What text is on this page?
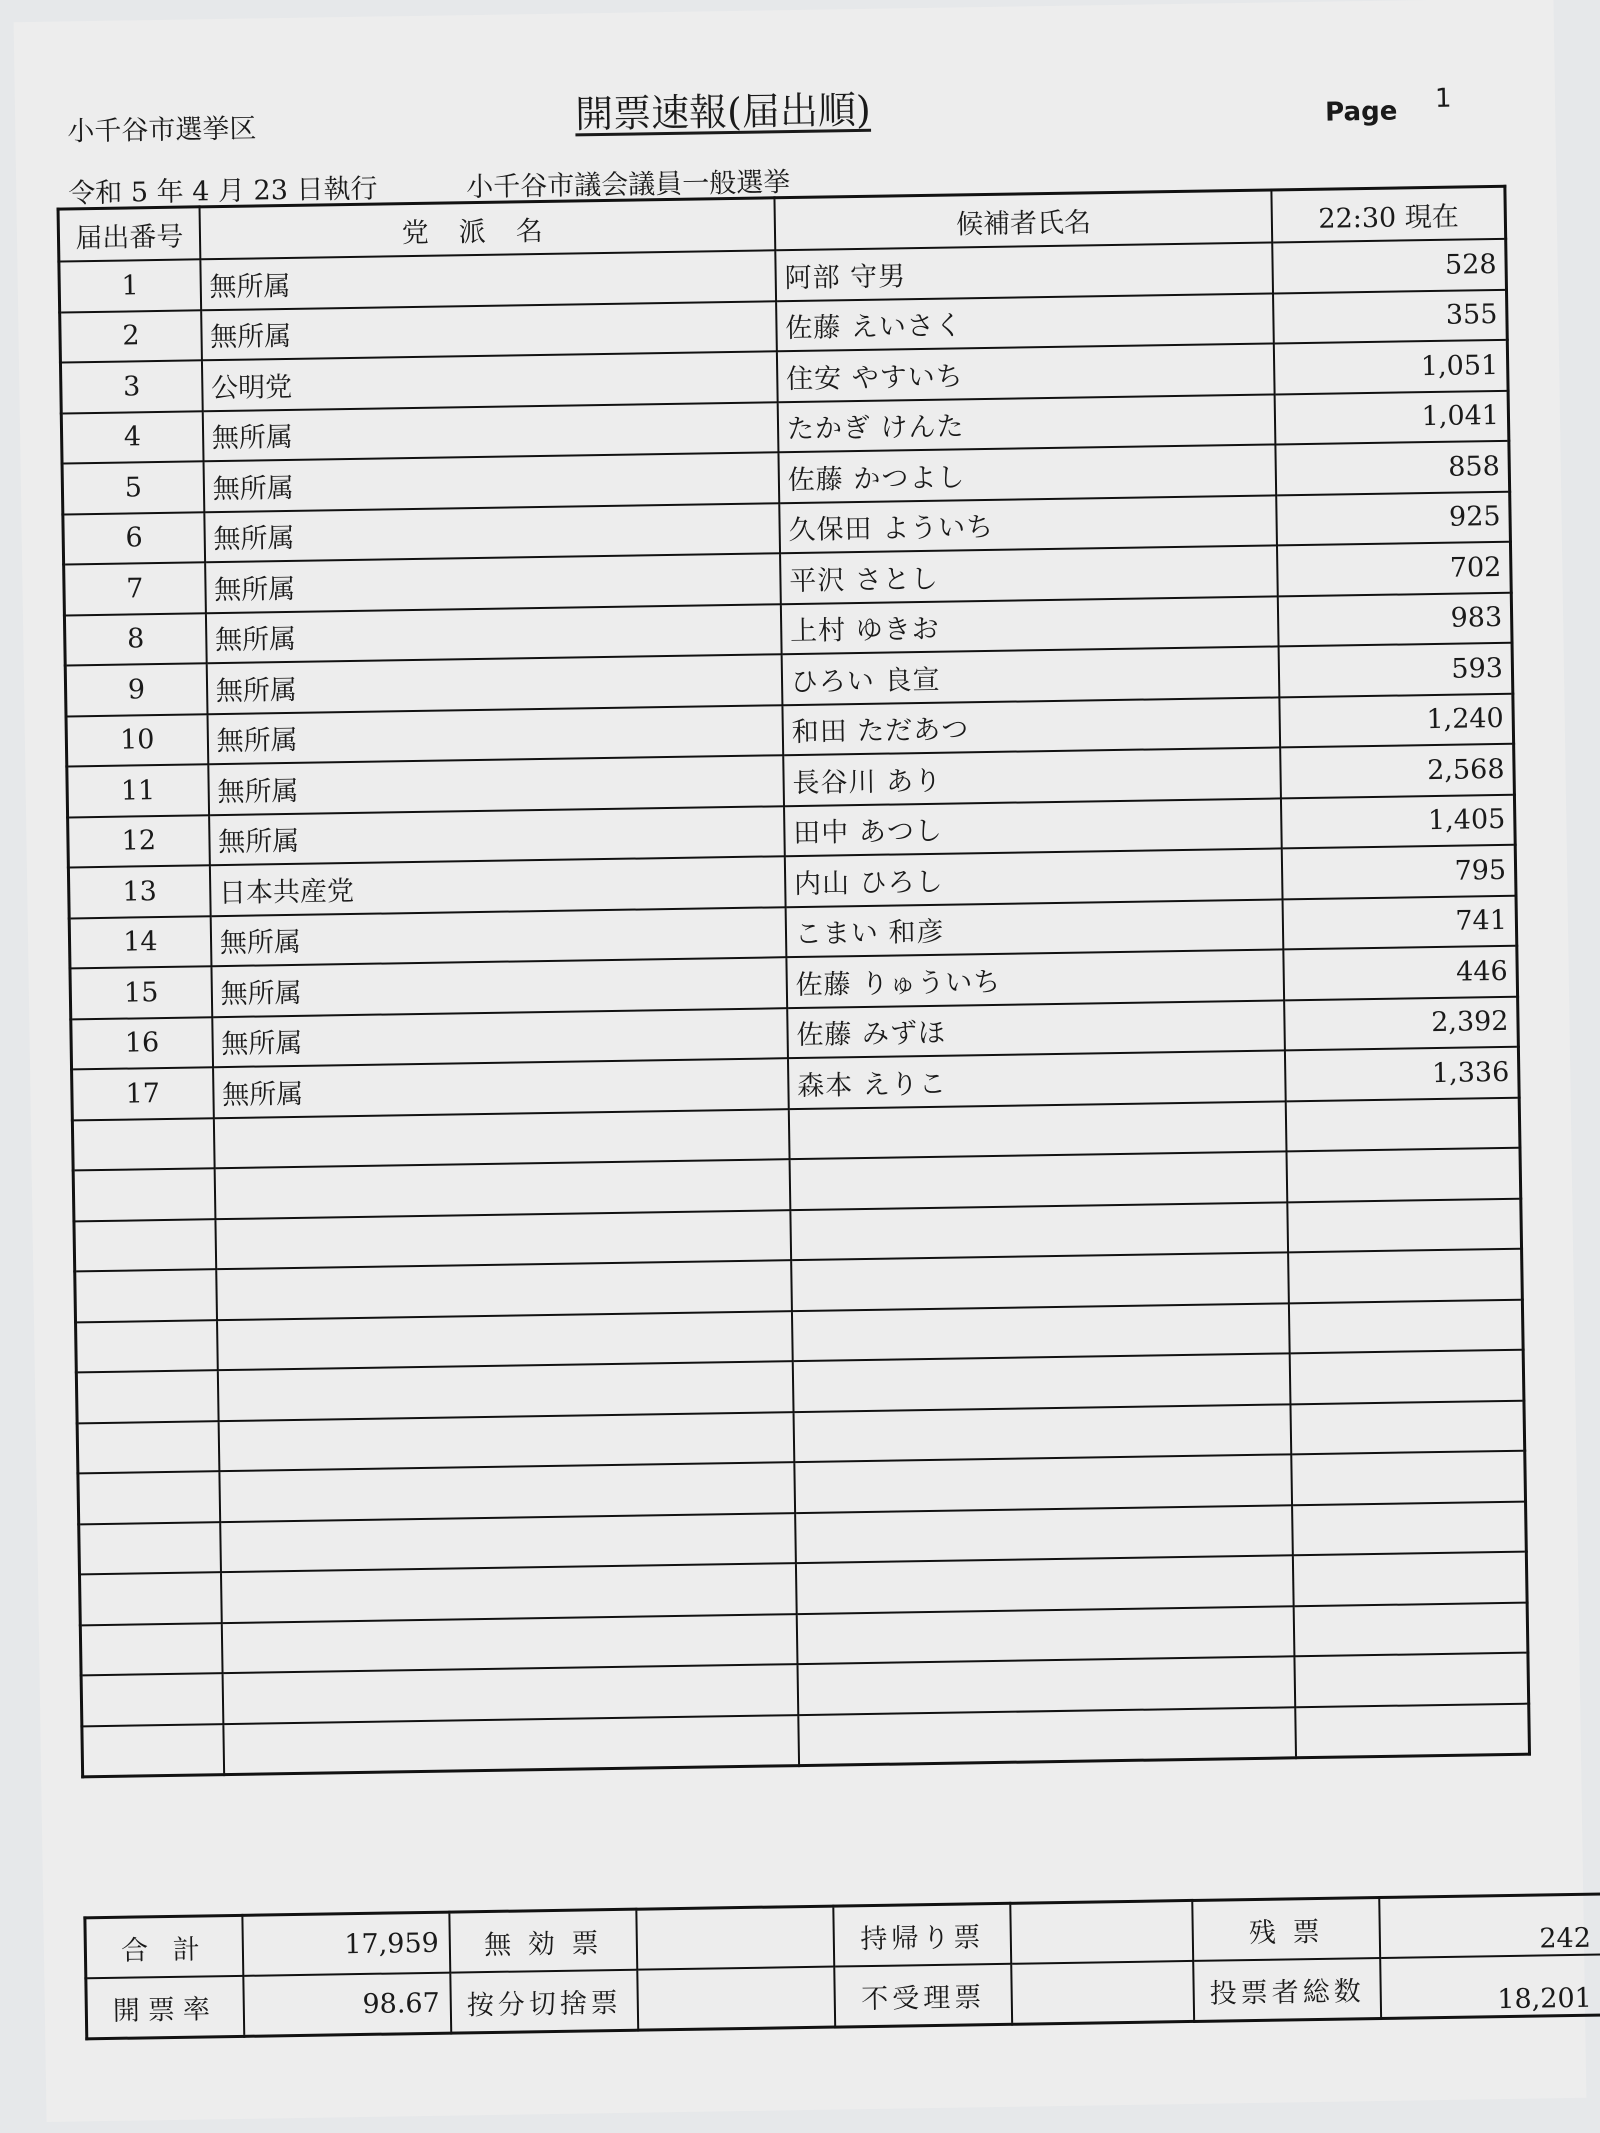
小千谷市選挙区	開票速報(届出順)	Page 1
令和 5 年 4 月 23 日執行	小千谷市議会議員一般選挙
届出番号	党派名	候補者氏名	22:30 現在
1	無所属	阿部 守男	528
2	無所属	佐藤 えいさく	355
3	公明党	住安 やすいち	1,051
4	無所属	たかぎ けんた	1,041
5	無所属	佐藤 かつよし	858
6	無所属	久保田 よういち	925
7	無所属	平沢 さとし	702
8	無所属	上村 ゆきお	983
9	無所属	ひろい 良宣	593
10	無所属	和田 ただあつ	1,240
11	無所属	長谷川 あり	2,568
12	無所属	田中 あつし	1,405
13	日本共産党	内山 ひろし	795
14	無所属	こまい 和彦	741
15	無所属	佐藤 りゅういち	446
16	無所属	佐藤 みずほ	2,392
17	無所属	森本 えりこ	1,336

合 計	17,959	無 効 票		持帰り票		残 票	242
開票率	98.67	按分切捨票		不受理票		投票者総数	18,201
